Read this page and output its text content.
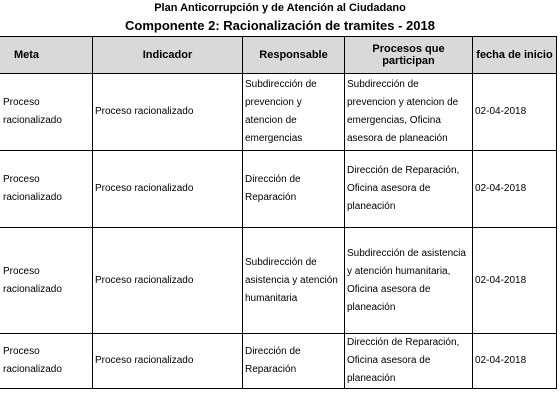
Plan Anticorrupción y de Atención al Ciudadano
Componente 2: Racionalización de tramites - 2018
Meta	Indicador	Responsable	Procesos que participan	fecha de inicio
Proceso racionalizado	Proceso racionalizado	Subdirección de prevencion y atencion de emergencias	Subdirección de prevencion y atencion de emergencias, Oficina asesora de planeación	02-04-2018
Proceso racionalizado	Proceso racionalizado	Dirección de Reparación	Dirección de Reparación, Oficina asesora de planeación	02-04-2018
Proceso racionalizado	Proceso racionalizado	Subdirección de asistencia y atención humanitaria	Subdirección de asistencia y atención humanitaria, Oficina asesora de planeación	02-04-2018
Proceso racionalizado	Proceso racionalizado	Dirección de Reparación	Dirección de Reparación, Oficina asesora de planeación	02-04-2018
